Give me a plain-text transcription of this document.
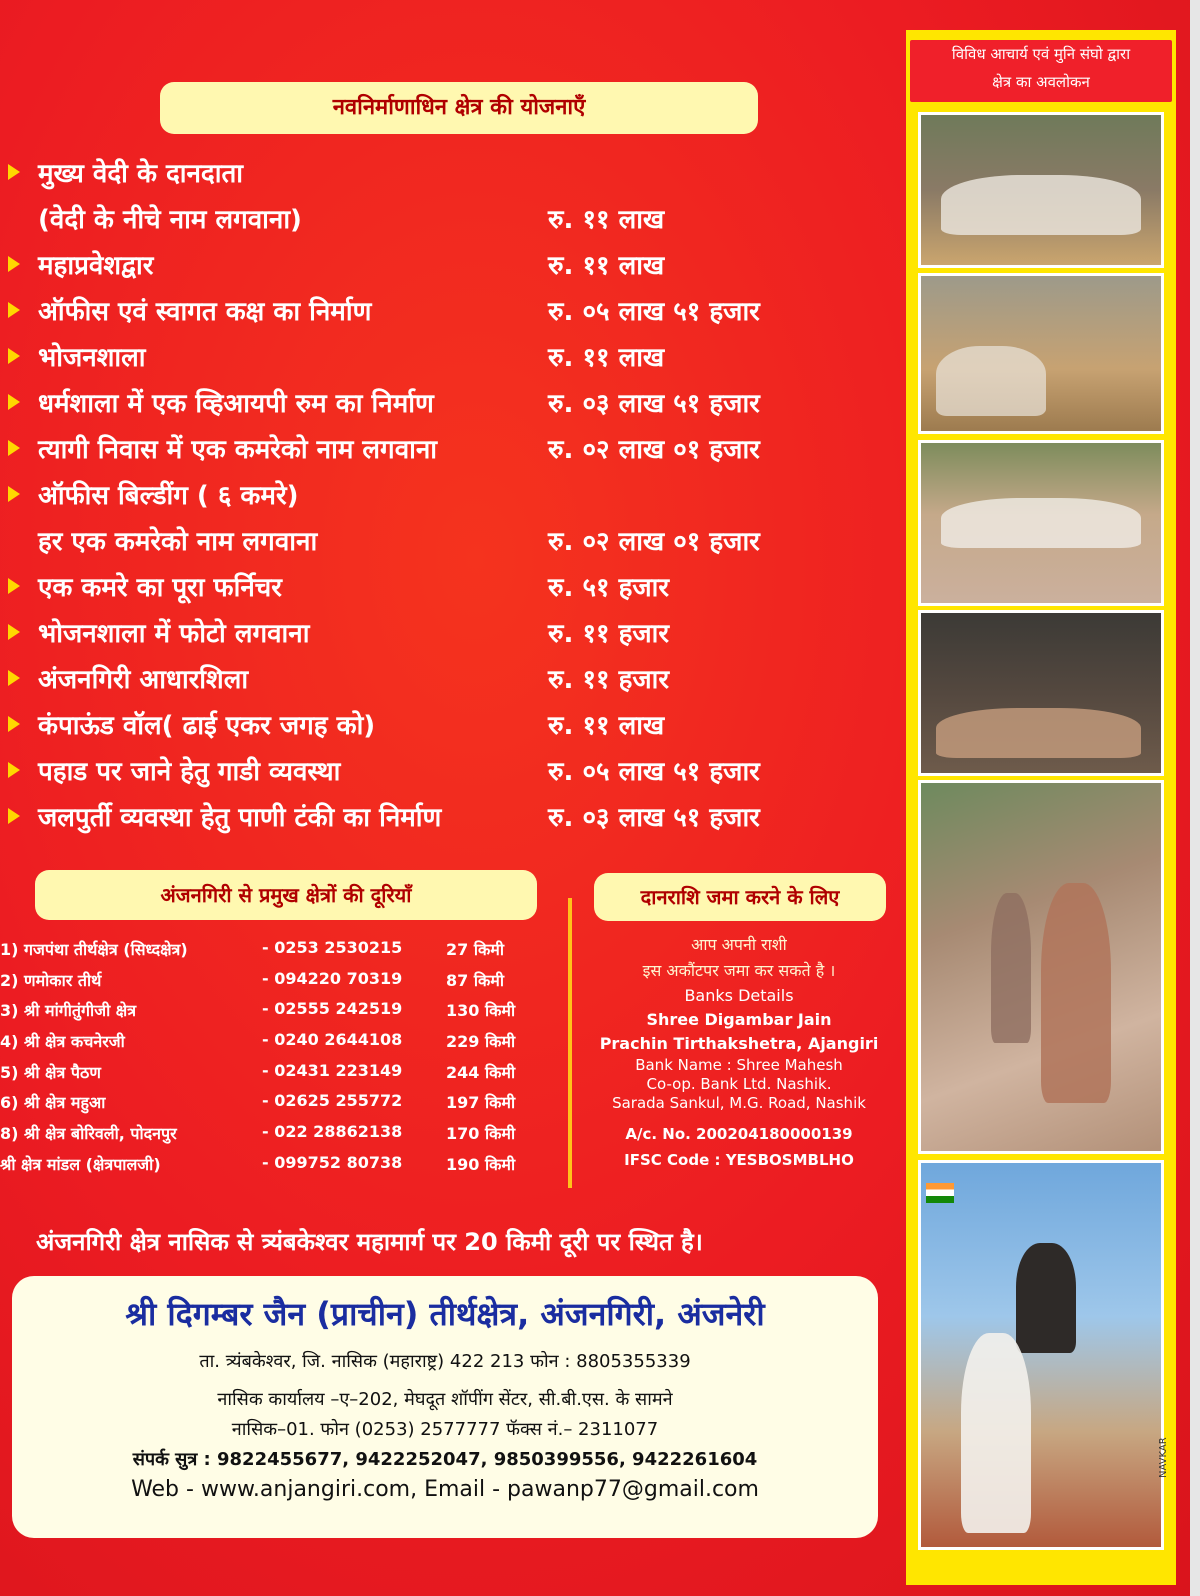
नवनिर्माणाधिन क्षेत्र की योजनाएँ
मुख्य वेदी के दानदाता
(वेदी के नीचे नाम लगवाना)	रु. ११ लाख
महाप्रवेशद्वार	रु. ११ लाख
ऑफीस एवं स्वागत कक्ष का निर्माण	रु. ०५ लाख ५१ हजार
भोजनशाला	रु. ११ लाख
धर्मशाला में एक व्हिआयपी रुम का निर्माण	रु. ०३ लाख ५१ हजार
त्यागी निवास में एक कमरेको नाम लगवाना	रु. ०२ लाख ०१ हजार
ऑफीस बिल्डींग ( ६ कमरे)
हर एक कमरेको नाम लगवाना	रु. ०२ लाख ०१ हजार
एक कमरे का पूरा फर्निचर	रु. ५१ हजार
भोजनशाला में फोटो लगवाना	रु. ११ हजार
अंजनगिरी आधारशिला	रु. ११ हजार
कंपाऊंड वॉल( ढाई एकर जगह को)	रु. ११ लाख
पहाड पर जाने हेतु गाडी व्यवस्था	रु. ०५ लाख ५१ हजार
जलपुर्ती व्यवस्था हेतु पाणी टंकी का निर्माण	रु. ०३ लाख ५१ हजार
अंजनगिरी से प्रमुख क्षेत्रों की दूरियाँ	दानराशि जमा करने के लिए
1) गजपंथा तीर्थक्षेत्र (सिध्दक्षेत्र)	- 0253 2530215	27 किमी
2) णमोकार तीर्थ	- 094220 70319	87 किमी
3) श्री मांगीतुंगीजी क्षेत्र	- 02555 242519	130 किमी
4) श्री क्षेत्र कचनेरजी	- 0240 2644108	229 किमी
5) श्री क्षेत्र पैठण	- 02431 223149	244 किमी
6) श्री क्षेत्र महुआ	- 02625 255772	197 किमी
8) श्री क्षेत्र बोरिवली, पोदनपुर	- 022 28862138	170 किमी
श्री क्षेत्र मांडल (क्षेत्रपालजी)	- 099752 80738	190 किमी
आप अपनी राशी
इस अकौंटपर जमा कर सकते है ।
Banks Details
Shree Digambar Jain
Prachin Tirthakshetra, Ajangiri
Bank Name : Shree Mahesh
Co-op. Bank Ltd. Nashik.
Sarada Sankul, M.G. Road, Nashik
A/c. No. 200204180000139
IFSC Code : YESBOSMBLHO
अंजनगिरी क्षेत्र नासिक से त्र्यंबकेश्वर महामार्ग पर 20 किमी दूरी पर स्थित है।
श्री दिगम्बर जैन (प्राचीन) तीर्थक्षेत्र, अंजनगिरी, अंजनेरी
ता. त्र्यंबकेश्वर, जि. नासिक (महाराष्ट्र) 422 213 फोन : 8805355339
नासिक कार्यालय –ए–202, मेघदूत शॉपींग सेंटर, सी.बी.एस. के सामने
नासिक–01. फोन (0253) 2577777 फॅक्स नं.– 2311077
संपर्क सुत्र : 9822455677, 9422252047, 9850399556, 9422261604
Web - www.anjangiri.com, Email - pawanp77@gmail.com
विविध आचार्य एवं मुनि संघो द्वारा
क्षेत्र का अवलोकन
NAVKAR
